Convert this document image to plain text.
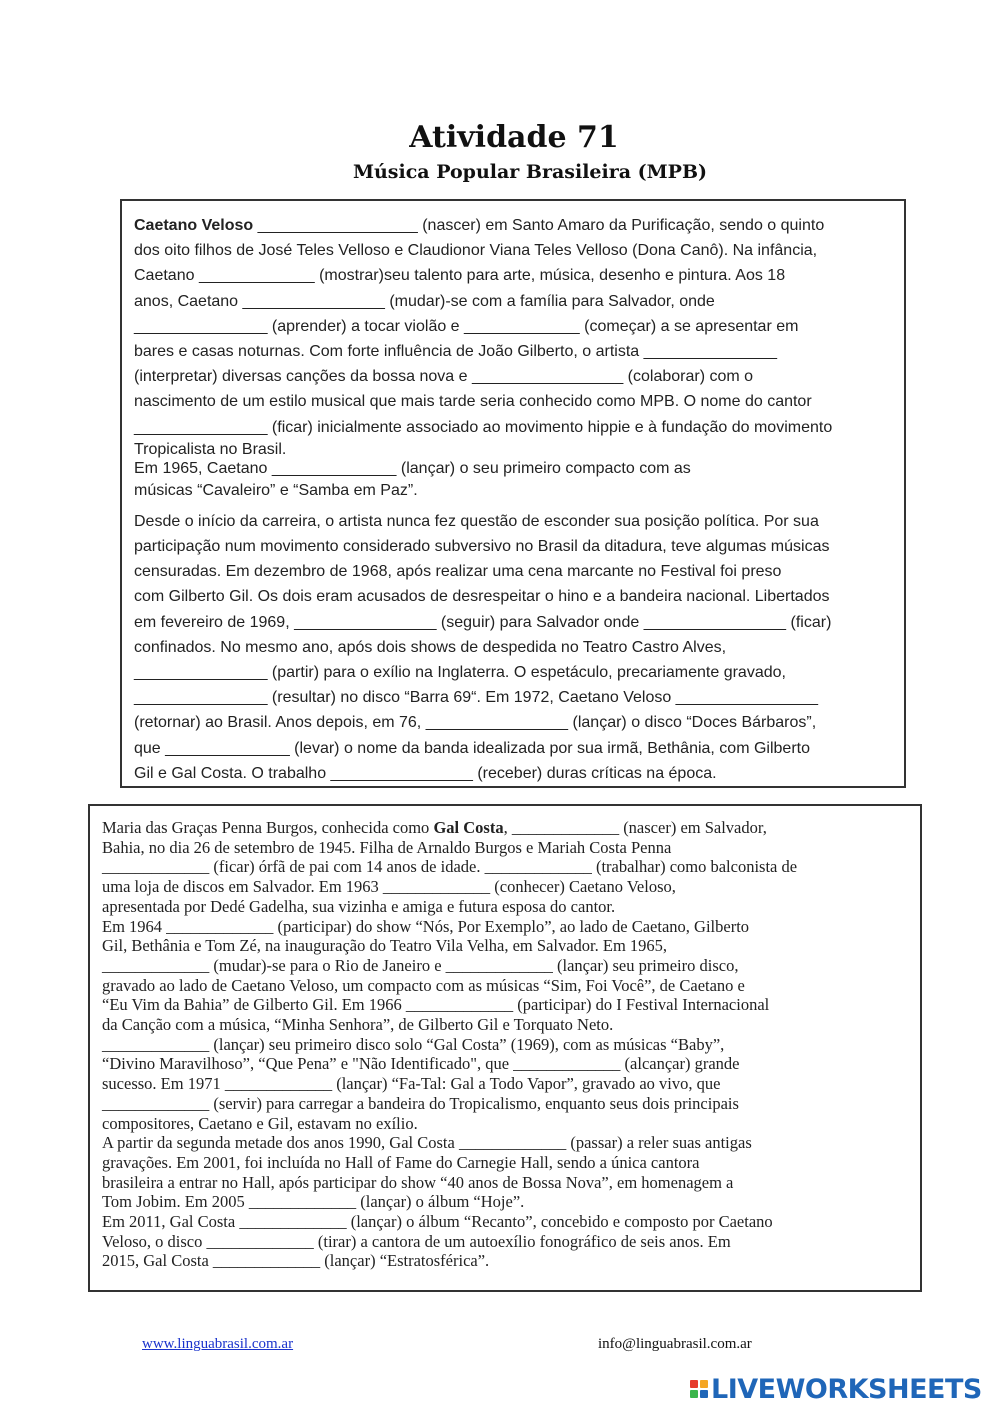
Atividade 71
Música Popular Brasileira (MPB)
Caetano Veloso __________________ (nascer) em Santo Amaro da Purificação, sendo o quinto
dos oito filhos de José Teles Velloso e Claudionor Viana Teles Velloso (Dona Canô). Na infância,
Caetano _____________ (mostrar)seu talento para arte, música, desenho e pintura. Aos 18
anos, Caetano ________________ (mudar)-se com a família para Salvador, onde
_______________ (aprender) a tocar violão e _____________ (começar) a se apresentar em
bares e casas noturnas. Com forte influência de João Gilberto, o artista _______________
(interpretar) diversas canções da bossa nova e _________________ (colaborar) com o
nascimento de um estilo musical que mais tarde seria conhecido como MPB. O nome do cantor
_______________ (ficar) inicialmente associado ao movimento hippie e à fundação do movimento
Tropicalista no Brasil.
Em 1965, Caetano ______________ (lançar) o seu primeiro compacto com as
músicas “Cavaleiro” e “Samba em Paz”.
Desde o início da carreira, o artista nunca fez questão de esconder sua posição política. Por sua
participação num movimento considerado subversivo no Brasil da ditadura, teve algumas músicas
censuradas. Em dezembro de 1968, após realizar uma cena marcante no Festival foi preso
com Gilberto Gil. Os dois eram acusados de desrespeitar o hino e a bandeira nacional. Libertados
em fevereiro de 1969, ________________ (seguir) para Salvador onde ________________ (ficar)
confinados. No mesmo ano, após dois shows de despedida no Teatro Castro Alves,
_______________ (partir) para o exílio na Inglaterra. O espetáculo, precariamente gravado,
_______________ (resultar) no disco “Barra 69“. Em 1972, Caetano Veloso ________________
(retornar) ao Brasil. Anos depois, em 76, ________________ (lançar) o disco “Doces Bárbaros”,
que ______________ (levar) o nome da banda idealizada por sua irmã, Bethânia, com Gilberto
Gil e Gal Costa. O trabalho ________________ (receber) duras críticas na época.
Maria das Graças Penna Burgos, conhecida como Gal Costa, _____________ (nascer) em Salvador,
Bahia, no dia 26 de setembro de 1945. Filha de Arnaldo Burgos e Mariah Costa Penna
_____________ (ficar) órfã de pai com 14 anos de idade. _____________ (trabalhar) como balconista de
uma loja de discos em Salvador. Em 1963 _____________ (conhecer) Caetano Veloso,
apresentada por Dedé Gadelha, sua vizinha e amiga e futura esposa do cantor.
Em 1964 _____________ (participar) do show “Nós, Por Exemplo”, ao lado de Caetano, Gilberto
Gil, Bethânia e Tom Zé, na inauguração do Teatro Vila Velha, em Salvador. Em 1965,
_____________ (mudar)-se para o Rio de Janeiro e _____________ (lançar) seu primeiro disco,
gravado ao lado de Caetano Veloso, um compacto com as músicas “Sim, Foi Você”, de Caetano e
“Eu Vim da Bahia” de Gilberto Gil. Em 1966 _____________ (participar) do I Festival Internacional
da Canção com a música, “Minha Senhora”, de Gilberto Gil e Torquato Neto.
_____________ (lançar) seu primeiro disco solo “Gal Costa” (1969), com as músicas “Baby”,
“Divino Maravilhoso”, “Que Pena” e "Não Identificado", que _____________ (alcançar) grande
sucesso. Em 1971 _____________ (lançar) “Fa-Tal: Gal a Todo Vapor”, gravado ao vivo, que
_____________ (servir) para carregar a bandeira do Tropicalismo, enquanto seus dois principais
compositores, Caetano e Gil, estavam no exílio.
A partir da segunda metade dos anos 1990, Gal Costa _____________ (passar) a reler suas antigas
gravações. Em 2001, foi incluída no Hall of Fame do Carnegie Hall, sendo a única cantora
brasileira a entrar no Hall, após participar do show “40 anos de Bossa Nova”, em homenagem a
Tom Jobim. Em 2005 _____________ (lançar) o álbum “Hoje”.
Em 2011, Gal Costa _____________ (lançar) o álbum “Recanto”, concebido e composto por Caetano
Veloso, o disco _____________ (tirar) a cantora de um autoexílio fonográfico de seis anos. Em
2015, Gal Costa _____________ (lançar) “Estratosférica”.
www.linguabrasil.com.ar	info@linguabrasil.com.ar
LIVEWORKSHEETS
